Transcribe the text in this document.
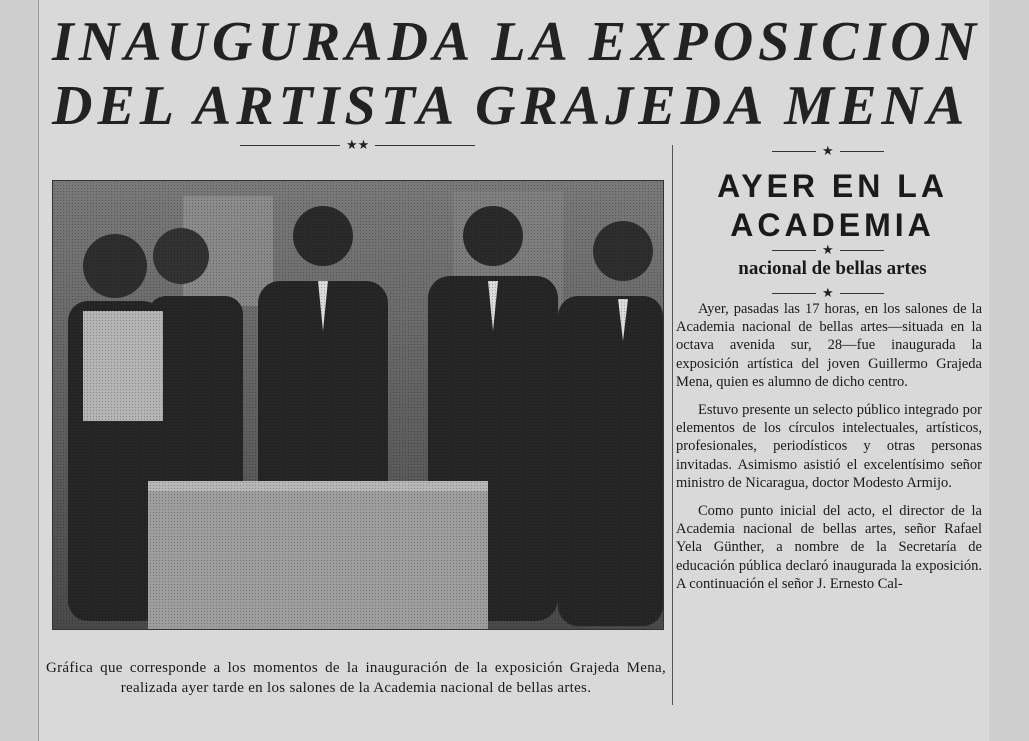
INAUGURADA LA EXPOSICION
DEL ARTISTA GRAJEDA MENA
★★
Gráfica que corresponde a los momentos de la inauguración de la exposición Grajeda Mena, realizada ayer tarde en los salones de la Academia nacional de bellas artes.
★
AYER EN LA
ACADEMIA
★
nacional de bellas artes
★

Ayer, pasadas las 17 horas, en los salones de la Academia nacional de bellas artes—situada en la octava avenida sur, 28—fue inaugurada la exposición artística del joven Guillermo Grajeda Mena, quien es alumno de dicho centro.

Estuvo presente un selecto público integrado por elementos de los círculos intelectuales, artísticos, profesionales, periodísticos y otras personas invitadas. Asimismo asistió el excelentísimo señor ministro de Nicaragua, doctor Modesto Armijo.

Como punto inicial del acto, el director de la Academia nacional de bellas artes, señor Rafael Yela Günther, a nombre de la Secretaría de educación pública declaró inaugurada la exposición. A continuación el señor J. Ernesto Cal-
